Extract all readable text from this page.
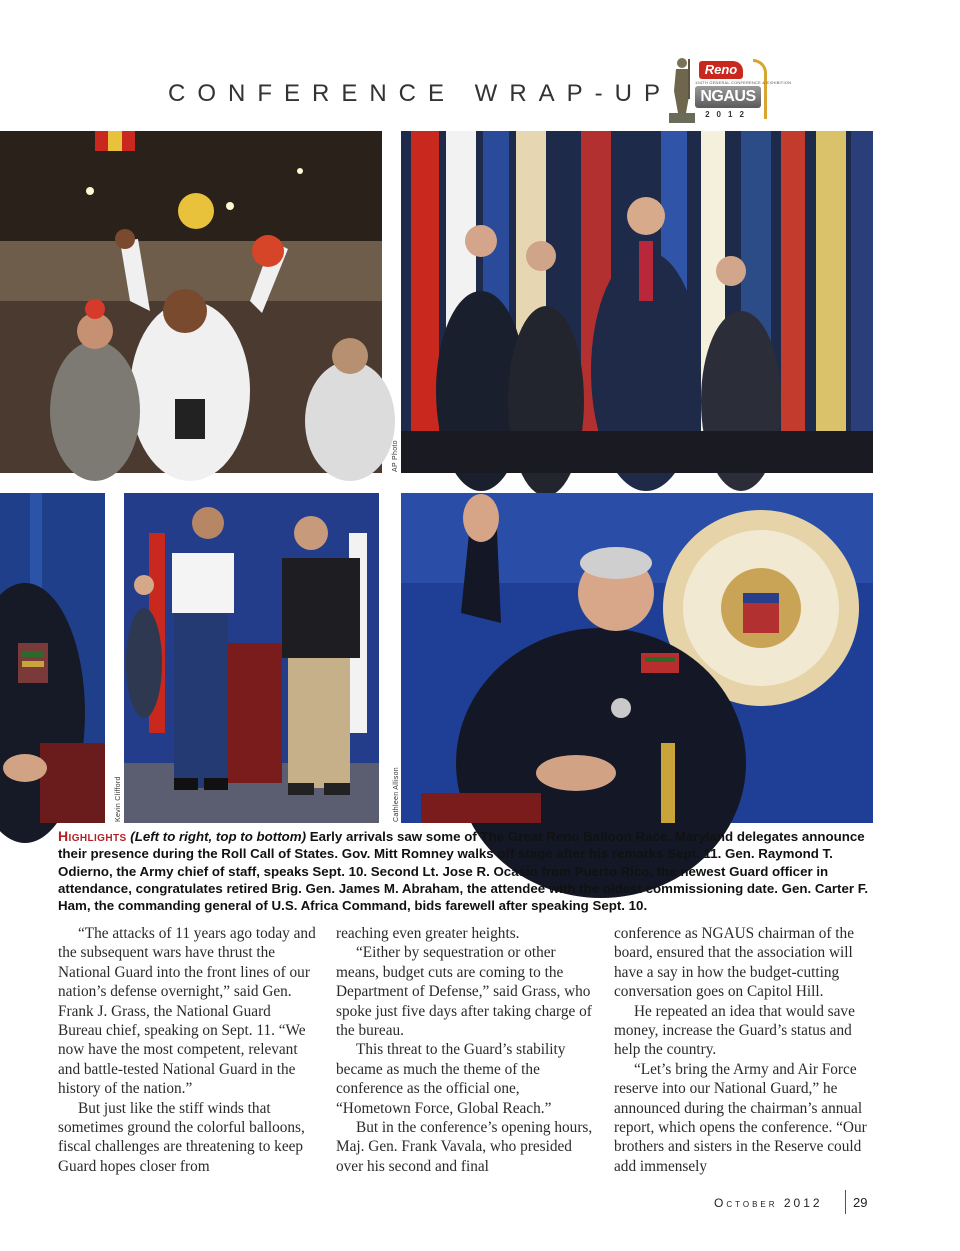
CONFERENCE WRAP-UP
Reno
134TH GENERAL CONFERENCE & EXHIBITION
NGAUS
2012
AP Photo
Kevin Clifford	Cathleen Allison
Highlights (Left to right, top to bottom) Early arrivals saw some of The Great Reno Balloon Race. Maryland delegates announce their presence during the Roll Call of States. Gov. Mitt Romney walks off stage after his remarks Sept. 11. Gen. Raymond T. Odierno, the Army chief of staff, speaks Sept. 10. Second Lt. Jose R. Ocasio from Puerto Rico, the newest Guard officer in attendance, congratulates retired Brig. Gen. James M. Abraham, the attendee with the oldest commissioning date. Gen. Carter F. Ham, the commanding general of U.S. Africa Command, bids farewell after speaking Sept. 10.

“The attacks of 11 years ago today and the subsequent wars have thrust the National Guard into the front lines of our nation’s defense overnight,” said Gen. Frank J. Grass, the National Guard Bureau chief, speaking on Sept. 11. “We now have the most competent, relevant and battle-tested National Guard in the history of the nation.”

But just like the stiff winds that sometimes ground the colorful balloons, fiscal challenges are threatening to keep Guard hopes closer from

reaching even greater heights.

“Either by sequestration or other means, budget cuts are coming to the Department of Defense,” said Grass, who spoke just five days after taking charge of the bureau.

This threat to the Guard’s stability became as much the theme of the conference as the official one, “Hometown Force, Global Reach.”

But in the conference’s opening hours, Maj. Gen. Frank Vavala, who presided over his second and final

conference as NGAUS chairman of the board, ensured that the association will have a say in how the budget-cutting conversation goes on Capitol Hill.

He repeated an idea that would save money, increase the Guard’s status and help the country.

“Let’s bring the Army and Air Force reserve into our National Guard,” he announced during the chairman’s annual report, which opens the conference. “Our brothers and sisters in the Reserve could add immensely

October 2012 29
